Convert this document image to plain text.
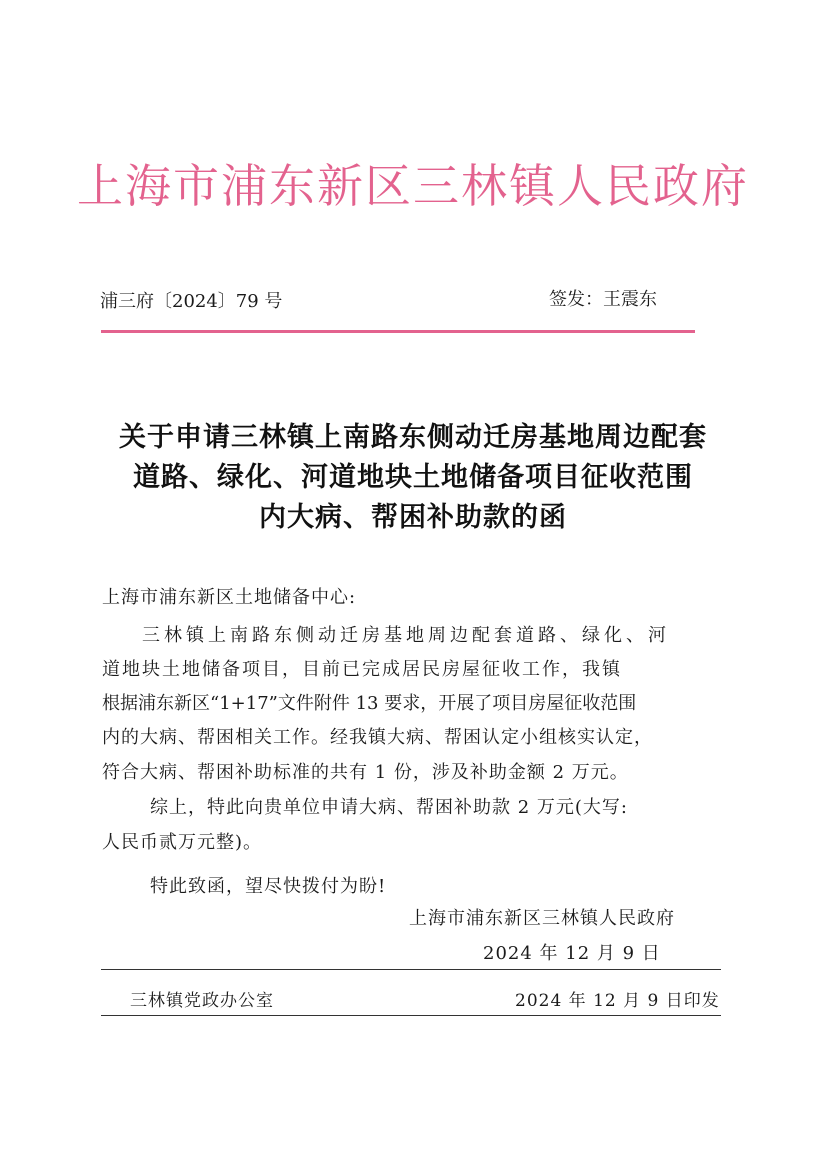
上海市浦东新区三林镇人民政府
浦三府〔2024〕79 号	签发：王震东
关于申请三林镇上南路东侧动迁房基地周边配套
道路、绿化、河道地块土地储备项目征收范围
内大病、帮困补助款的函
上海市浦东新区土地储备中心:
三林镇上南路东侧动迁房基地周边配套道路、绿化、河
道地块土地储备项目，目前已完成居民房屋征收工作，我镇
根据浦东新区“1+17”文件附件 13 要求，开展了项目房屋征收范围
内的大病、帮困相关工作。经我镇大病、帮困认定小组核实认定，
符合大病、帮困补助标准的共有 1 份，涉及补助金额 2 万元。
综上，特此向贵单位申请大病、帮困补助款 2 万元(大写:
人民币贰万元整)。
特此致函，望尽快拨付为盼!
上海市浦东新区三林镇人民政府
2024 年 12 月 9 日
三林镇党政办公室	2024 年 12 月 9 日印发
